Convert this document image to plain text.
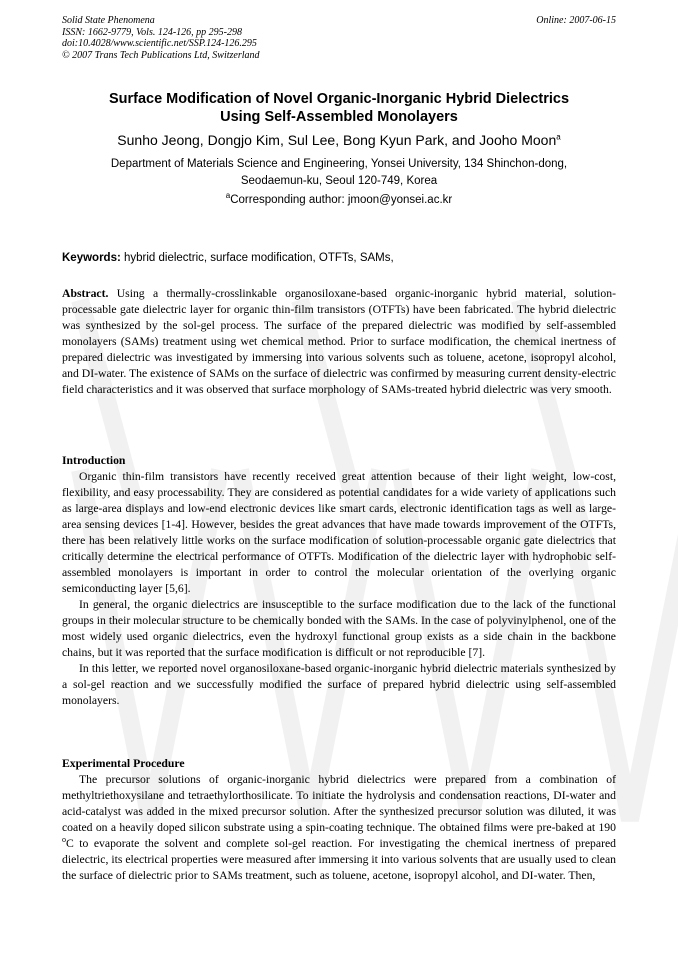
Solid State Phenomena
ISSN: 1662-9779, Vols. 124-126, pp 295-298
doi:10.4028/www.scientific.net/SSP.124-126.295
© 2007 Trans Tech Publications Ltd, Switzerland
Online: 2007-06-15
Surface Modification of Novel Organic-Inorganic Hybrid Dielectrics
Using Self-Assembled Monolayers
Sunho Jeong, Dongjo Kim, Sul Lee, Bong Kyun Park, and Jooho Moon$^a$
Department of Materials Science and Engineering, Yonsei University, 134 Shinchon-dong,
Seodaemun-ku, Seoul 120-749, Korea
$^a$Corresponding author: jmoon@yonsei.ac.kr
Keywords: hybrid dielectric, surface modification, OTFTs, SAMs,
Abstract. Using a thermally-crosslinkable organosiloxane-based organic-inorganic hybrid material, solution-processable gate dielectric layer for organic thin-film transistors (OTFTs) have been fabricated. The hybrid dielectric was synthesized by the sol-gel process. The surface of the prepared dielectric was modified by self-assembled monolayers (SAMs) treatment using wet chemical method. Prior to surface modification, the chemical inertness of prepared dielectric was investigated by immersing into various solvents such as toluene, acetone, isopropyl alcohol, and DI-water. The existence of SAMs on the surface of dielectric was confirmed by measuring current density-electric field characteristics and it was observed that surface morphology of SAMs-treated hybrid dielectric was very smooth.
Introduction
Organic thin-film transistors have recently received great attention because of their light weight, low-cost, flexibility, and easy processability. They are considered as potential candidates for a wide variety of applications such as large-area displays and low-end electronic devices like smart cards, electronic identification tags as well as large-area sensing devices [1-4]. However, besides the great advances that have made towards improvement of the OTFTs, there has been relatively little works on the surface modification of solution-processable organic gate dielectrics that critically determine the electrical performance of OTFTs. Modification of the dielectric layer with hydrophobic self-assembled monolayers is important in order to control the molecular orientation of the overlying organic semiconducting layer [5,6].
In general, the organic dielectrics are insusceptible to the surface modification due to the lack of the functional groups in their molecular structure to be chemically bonded with the SAMs. In the case of polyvinylphenol, one of the most widely used organic dielectrics, even the hydroxyl functional group exists as a side chain in the backbone chains, but it was reported that the surface modification is difficult or not reproducible [7].
In this letter, we reported novel organosiloxane-based organic-inorganic hybrid dielectric materials synthesized by a sol-gel reaction and we successfully modified the surface of prepared hybrid dielectric using self-assembled monolayers.
Experimental Procedure
The precursor solutions of organic-inorganic hybrid dielectrics were prepared from a combination of methyltriethoxysilane and tetraethylorthosilicate. To initiate the hydrolysis and condensation reactions, DI-water and acid-catalyst was added in the mixed precursor solution. After the synthesized precursor solution was diluted, it was coated on a heavily doped silicon substrate using a spin-coating technique. The obtained films were pre-baked at 190 $^o$C to evaporate the solvent and complete sol-gel reaction. For investigating the chemical inertness of prepared dielectric, its electrical properties were measured after immersing it into various solvents that are usually used to clean the surface of dielectric prior to SAMs treatment, such as toluene, acetone, isopropyl alcohol, and DI-water. Then,
